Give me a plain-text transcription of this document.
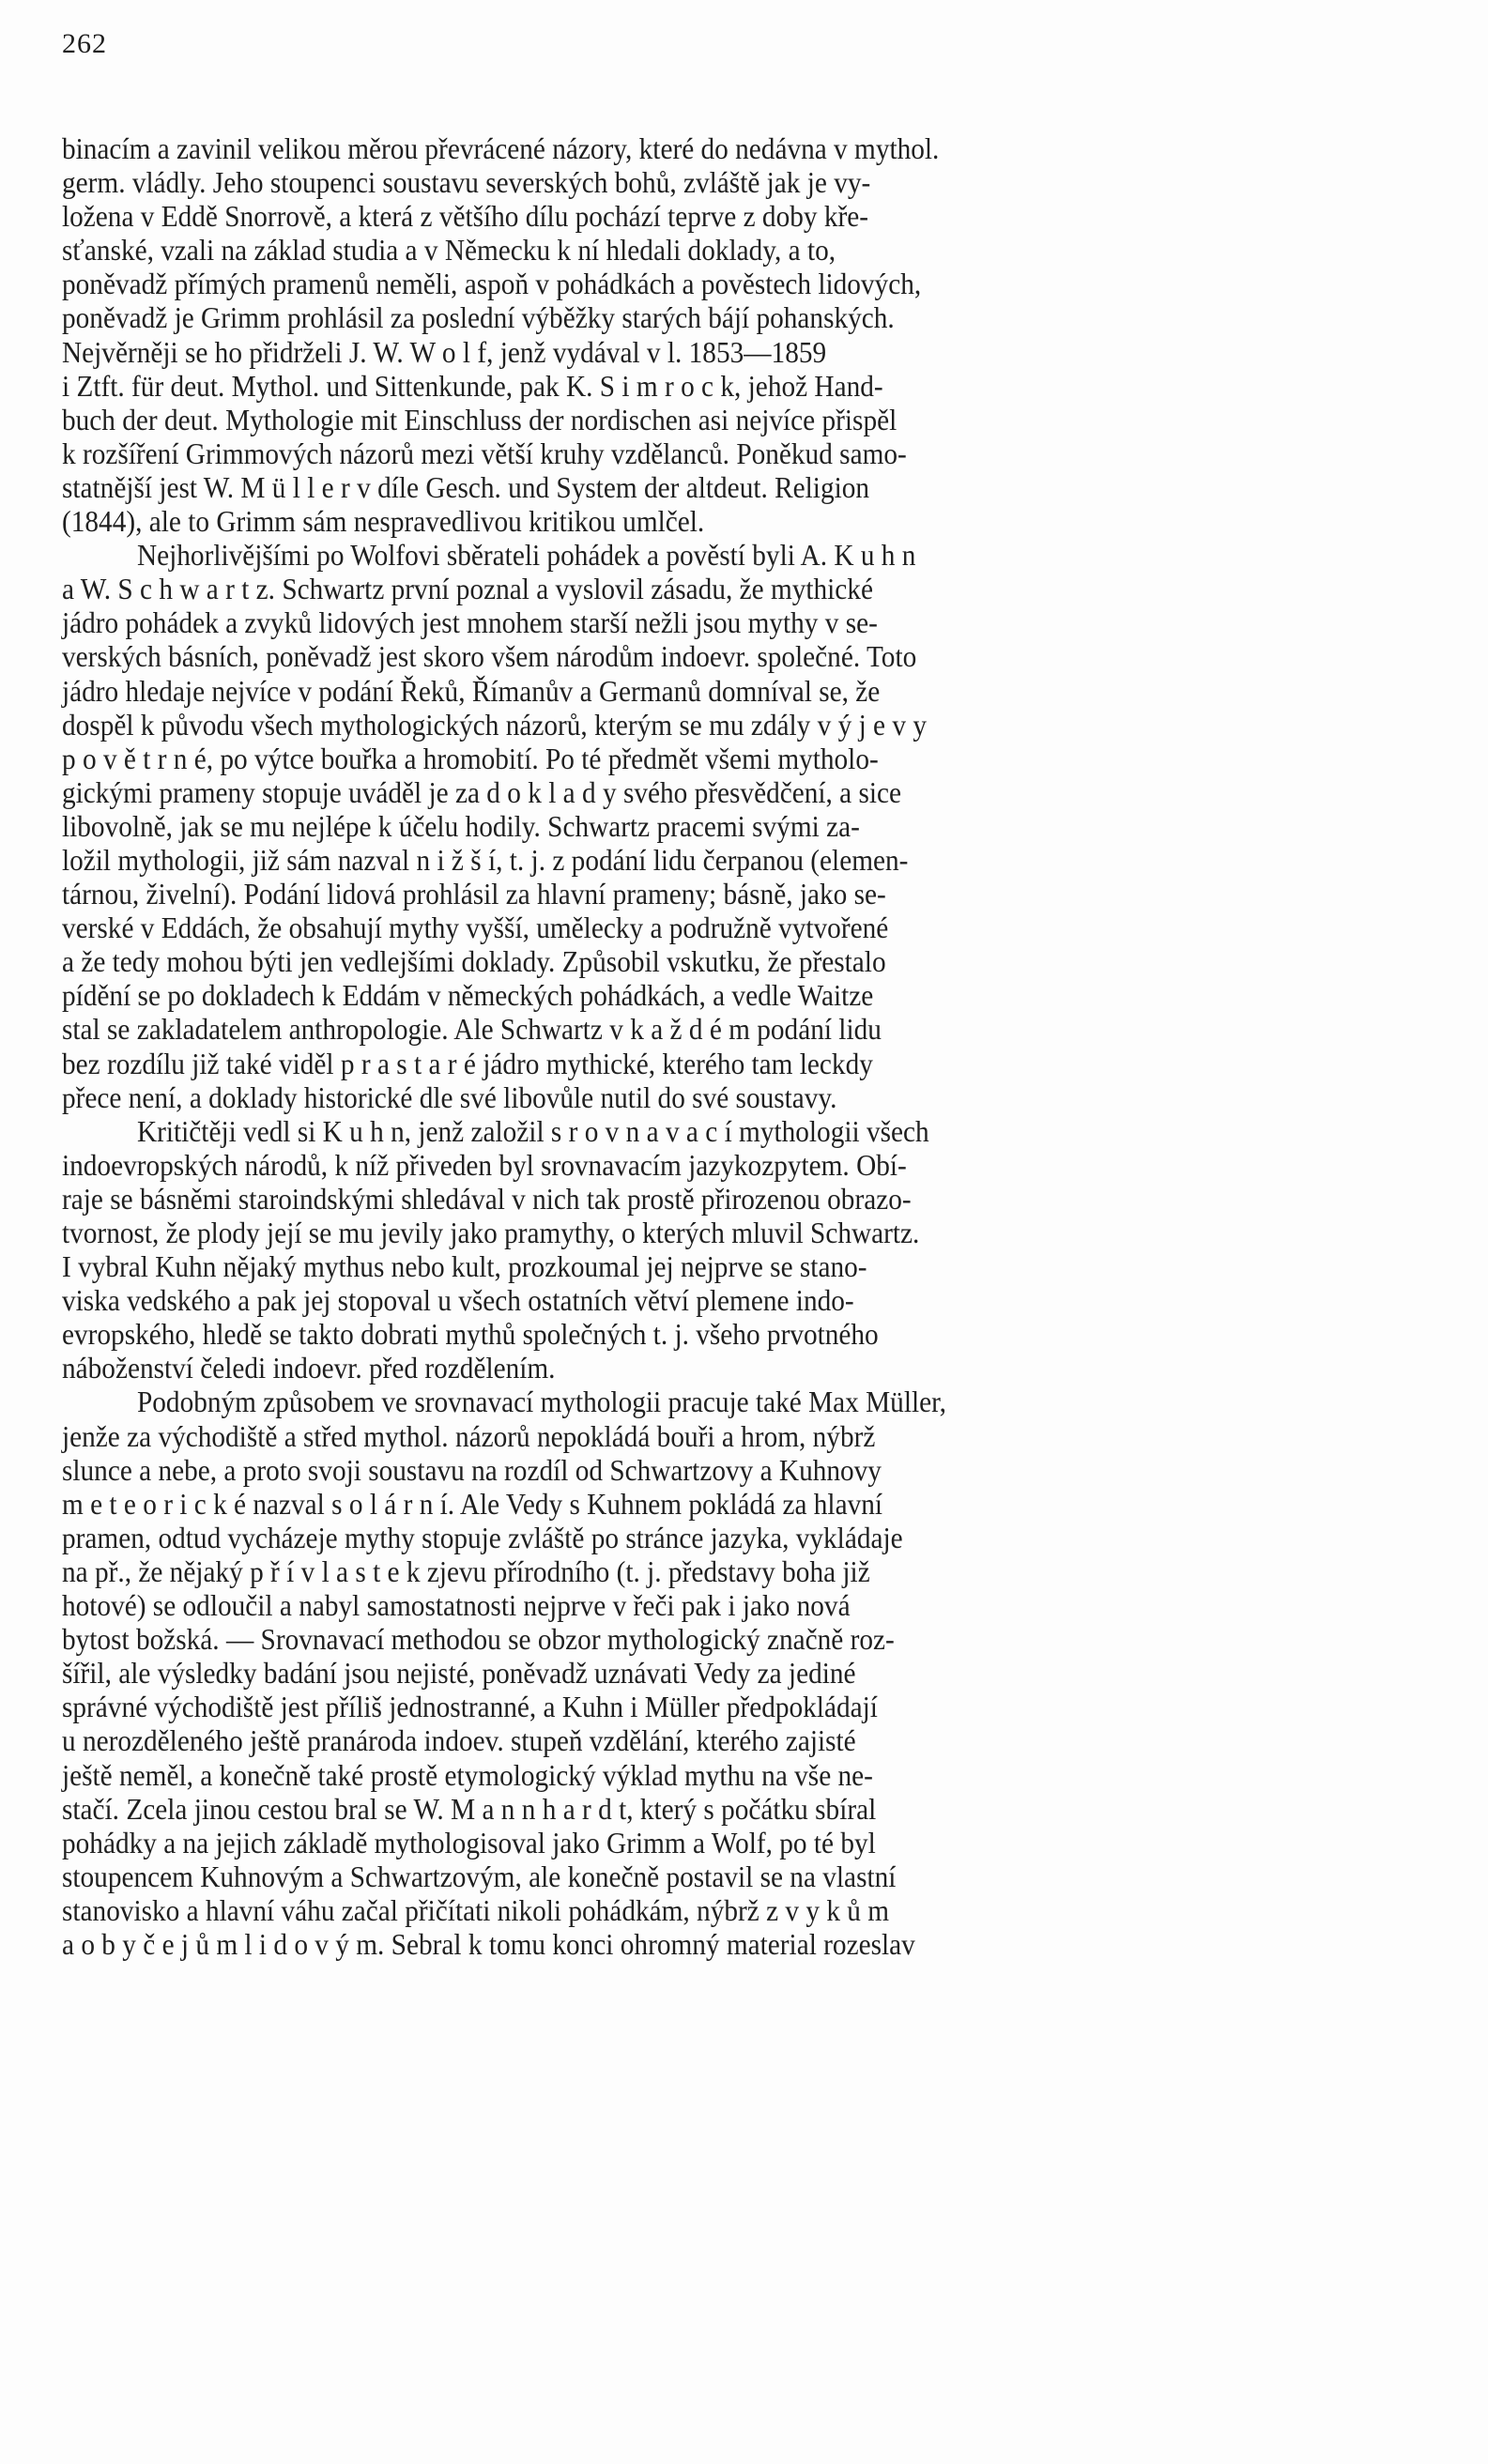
262
binacím a zavinil velikou měrou převrácené názory, které do nedávna v mythol.
germ. vládly. Jeho stoupenci soustavu severských bohů, zvláště jak je vy-
ložena v Eddě Snorrově, a která z většího dílu pochází teprve z doby kře-
sťanské, vzali na základ studia a v Německu k ní hledali doklady, a to,
poněvadž přímých pramenů neměli, aspoň v pohádkách a pověstech lidových,
poněvadž je Grimm prohlásil za poslední výběžky starých bájí pohanských.
Nejvěrněji se ho přidrželi J. W. W o l f, jenž vydával v l. 1853—1859
i Ztft. für deut. Mythol. und Sittenkunde, pak K. S i m r o c k, jehož Hand-
buch der deut. Mythologie mit Einschluss der nordischen asi nejvíce přispěl
k rozšíření Grimmových názorů mezi větší kruhy vzdělanců. Poněkud samo-
statnější jest W. M ü l l e r v díle Gesch. und System der altdeut. Religion
(1844), ale to Grimm sám nespravedlivou kritikou umlčel.
Nejhorlivějšími po Wolfovi sběrateli pohádek a pověstí byli A. K u h n
a W. S c h w a r t z. Schwartz první poznal a vyslovil zásadu, že mythické
jádro pohádek a zvyků lidových jest mnohem starší nežli jsou mythy v se-
verských básních, poněvadž jest skoro všem národům indoevr. společné. Toto
jádro hledaje nejvíce v podání Řeků, Římanův a Germanů domníval se, že
dospěl k původu všech mythologických názorů, kterým se mu zdály v ý j e v y
p o v ě t r n é, po výtce bouřka a hromobití. Po té předmět všemi mytholo-
gickými prameny stopuje uváděl je za d o k l a d y svého přesvědčení, a sice
libovolně, jak se mu nejlépe k účelu hodily. Schwartz pracemi svými za-
ložil mythologii, již sám nazval n i ž š í, t. j. z podání lidu čerpanou (elemen-
tárnou, živelní). Podání lidová prohlásil za hlavní prameny; básně, jako se-
verské v Eddách, že obsahují mythy vyšší, umělecky a podružně vytvořené
a že tedy mohou býti jen vedlejšími doklady. Způsobil vskutku, že přestalo
pídění se po dokladech k Eddám v německých pohádkách, a vedle Waitze
stal se zakladatelem anthropologie. Ale Schwartz v k a ž d é m podání lidu
bez rozdílu již také viděl p r a s t a r é jádro mythické, kterého tam leckdy
přece není, a doklady historické dle své libovůle nutil do své soustavy.
Kritičtěji vedl si K u h n, jenž založil s r o v n a v a c í mythologii všech
indoevropských národů, k níž přiveden byl srovnavacím jazykozpytem. Obí-
raje se básněmi staroindskými shledával v nich tak prostě přirozenou obrazo-
tvornost, že plody její se mu jevily jako pramythy, o kterých mluvil Schwartz.
I vybral Kuhn nějaký mythus nebo kult, prozkoumal jej nejprve se stano-
viska vedského a pak jej stopoval u všech ostatních větví plemene indo-
evropského, hledě se takto dobrati mythů společných t. j. všeho prvotného
náboženství čeledi indoevr. před rozdělením.
Podobným způsobem ve srovnavací mythologii pracuje také Max Müller,
jenže za východiště a střed mythol. názorů nepokládá bouři a hrom, nýbrž
slunce a nebe, a proto svoji soustavu na rozdíl od Schwartzovy a Kuhnovy
m e t e o r i c k é nazval s o l á r n í. Ale Vedy s Kuhnem pokládá za hlavní
pramen, odtud vycházeje mythy stopuje zvláště po stránce jazyka, vykládaje
na př., že nějaký p ř í v l a s t e k zjevu přírodního (t. j. představy boha již
hotové) se odloučil a nabyl samostatnosti nejprve v řeči pak i jako nová
bytost božská. — Srovnavací methodou se obzor mythologický značně roz-
šířil, ale výsledky badání jsou nejisté, poněvadž uznávati Vedy za jediné
správné východiště jest příliš jednostranné, a Kuhn i Müller předpokládají
u nerozděleného ještě pranároda indoev. stupeň vzdělání, kterého zajisté
ještě neměl, a konečně také prostě etymologický výklad mythu na vše ne-
stačí. Zcela jinou cestou bral se W. M a n n h a r d t, který s počátku sbíral
pohádky a na jejich základě mythologisoval jako Grimm a Wolf, po té byl
stoupencem Kuhnovým a Schwartzovým, ale konečně postavil se na vlastní
stanovisko a hlavní váhu začal přičítati nikoli pohádkám, nýbrž z v y k ů m
a o b y č e j ů m l i d o v ý m. Sebral k tomu konci ohromný material rozeslav
